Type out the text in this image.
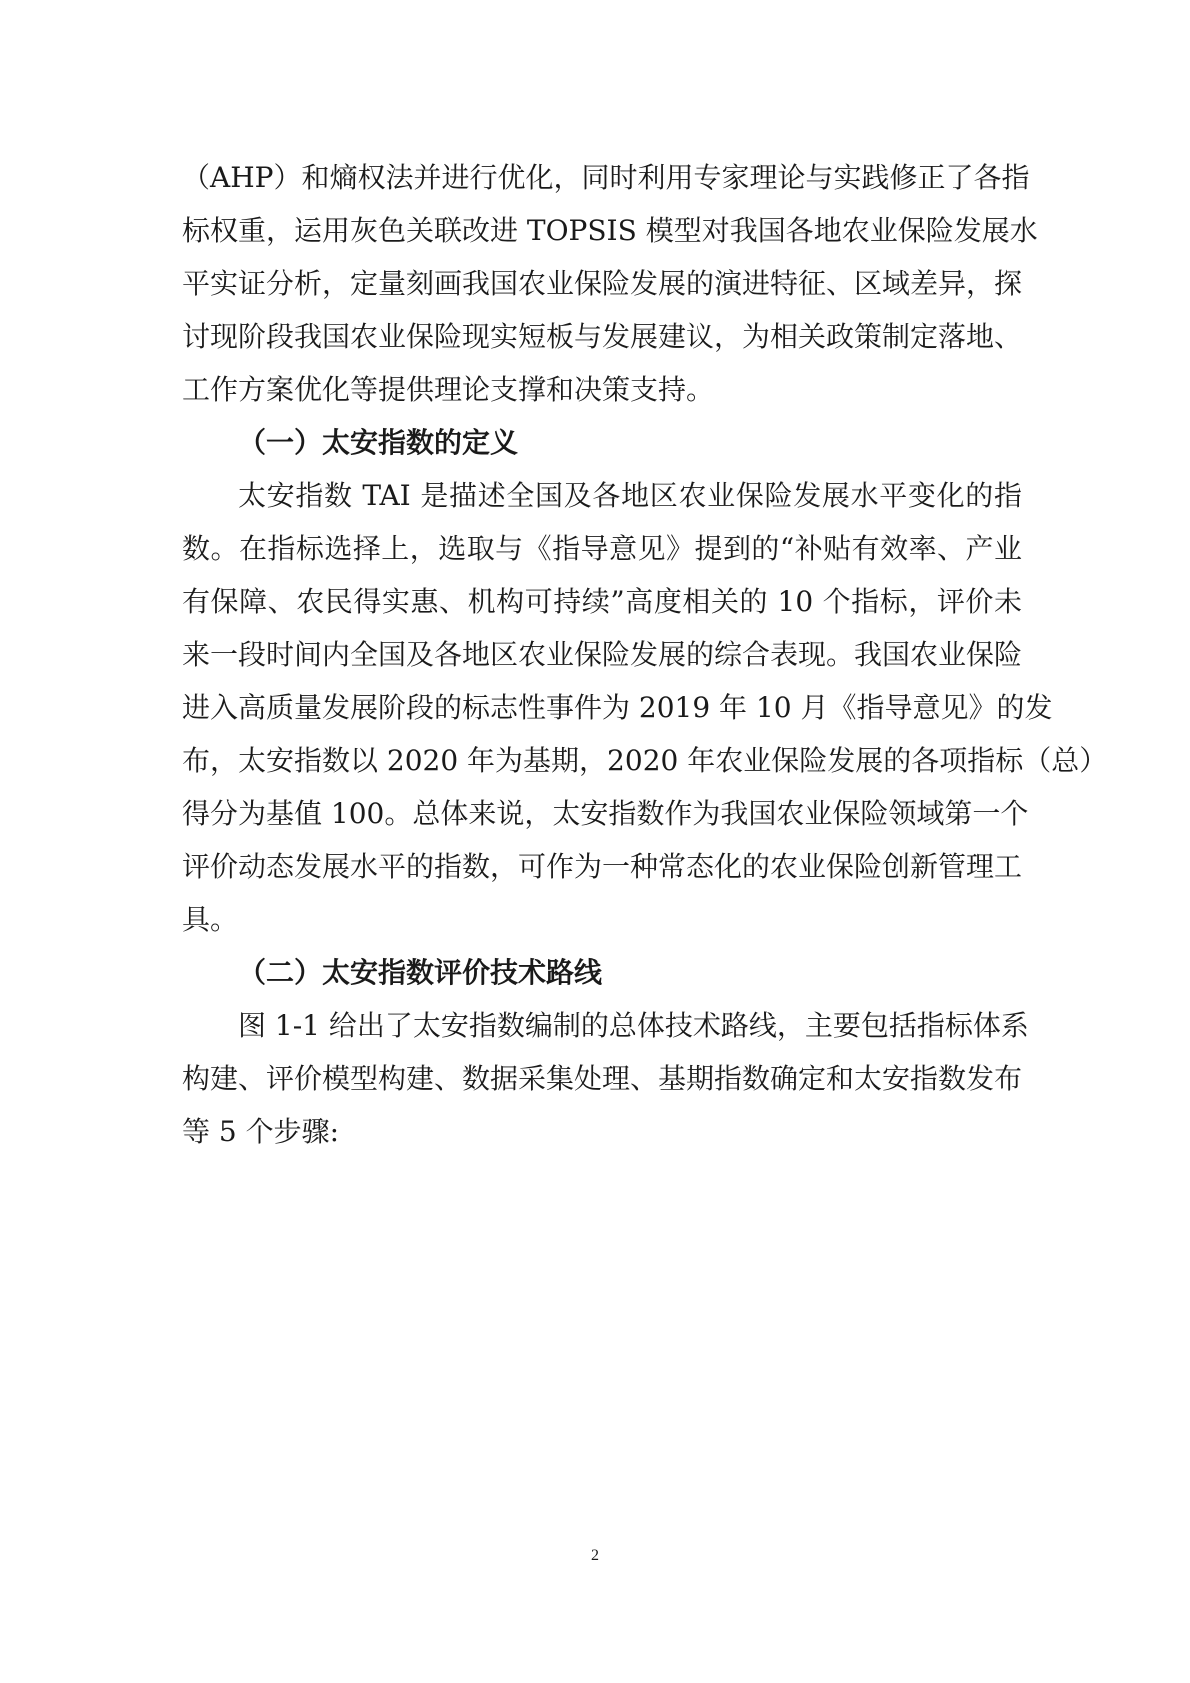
（AHP）和熵权法并进行优化，同时利用专家理论与实践修正了各指
标权重，运用灰色关联改进 TOPSIS 模型对我国各地农业保险发展水
平实证分析，定量刻画我国农业保险发展的演进特征、区域差异，探
讨现阶段我国农业保险现实短板与发展建议，为相关政策制定落地、
工作方案优化等提供理论支撑和决策支持。
（一）太安指数的定义
太安指数 TAI 是描述全国及各地区农业保险发展水平变化的指
数。在指标选择上，选取与《指导意见》提到的“补贴有效率、产业
有保障、农民得实惠、机构可持续”高度相关的 10 个指标，评价未
来一段时间内全国及各地区农业保险发展的综合表现。我国农业保险
进入高质量发展阶段的标志性事件为 2019 年 10 月《指导意见》的发
布，太安指数以 2020 年为基期，2020 年农业保险发展的各项指标（总）
得分为基值 100。总体来说，太安指数作为我国农业保险领域第一个
评价动态发展水平的指数，可作为一种常态化的农业保险创新管理工
具。
（二）太安指数评价技术路线
图 1-1 给出了太安指数编制的总体技术路线，主要包括指标体系
构建、评价模型构建、数据采集处理、基期指数确定和太安指数发布
等 5 个步骤:
2
